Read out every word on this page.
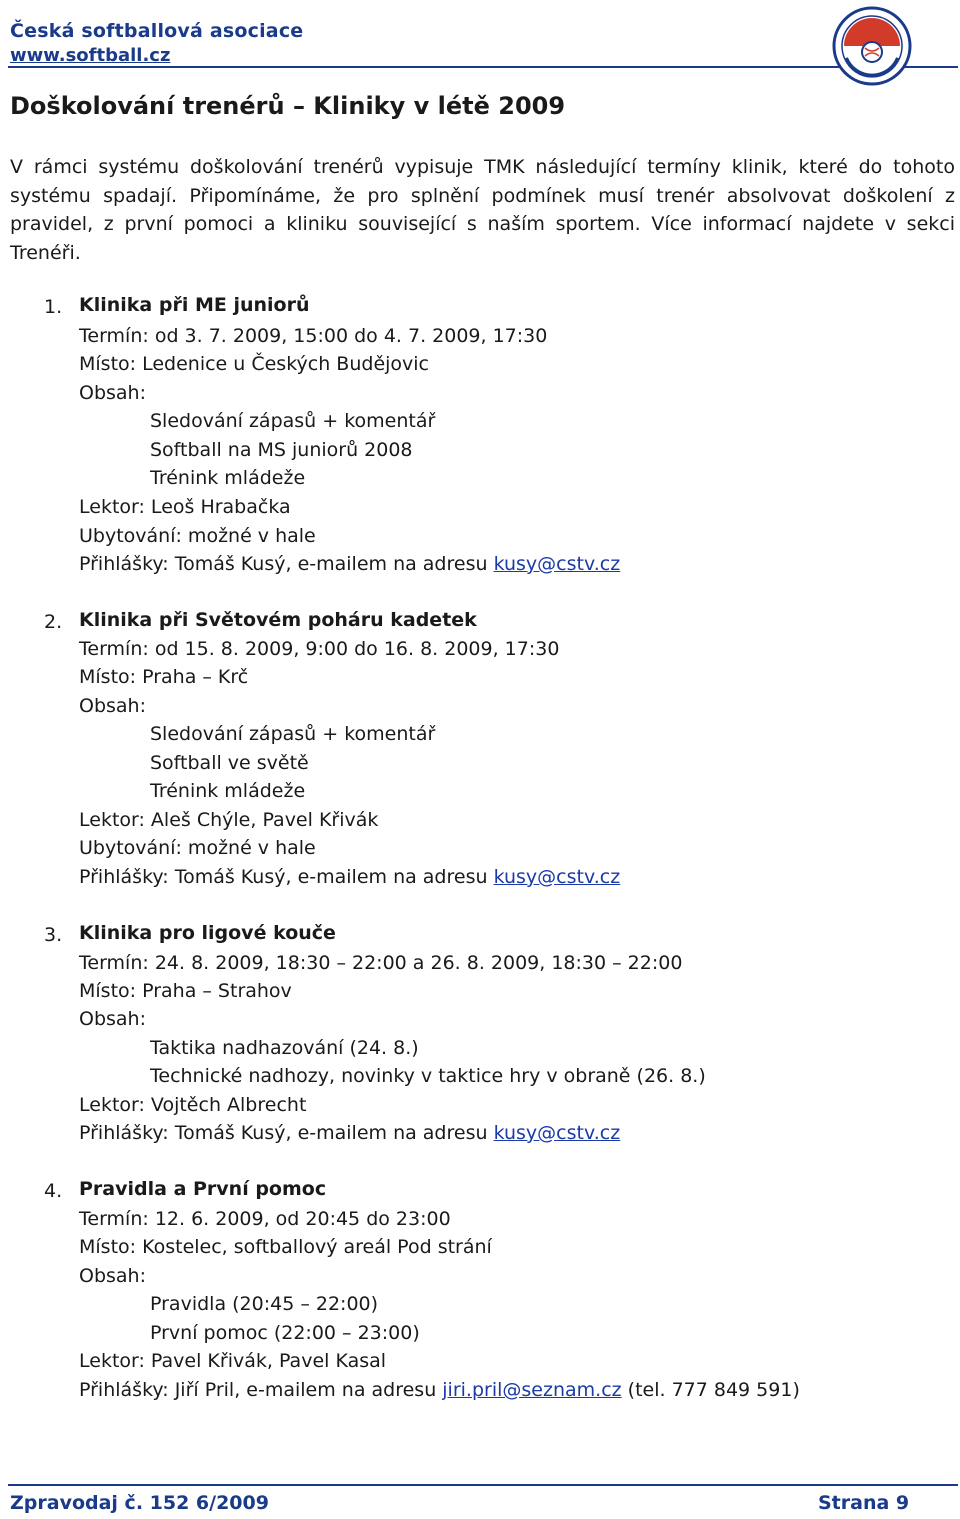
Česká softballová asociace
www.softball.cz
Doškolování trenérů – Kliniky v létě 2009
V rámci systému doškolování trenérů vypisuje TMK následující termíny klinik, které do tohoto systému spadají. Připomínáme, že pro splnění podmínek musí trenér absolvovat doškolení z pravidel, z první pomoci a kliniku související s naším sportem. Více informací najdete v sekci Trenéři.
1. Klinika při ME juniorů
Termín: od 3. 7. 2009, 15:00 do 4. 7. 2009, 17:30
Místo: Ledenice u Českých Budějovic
Obsah:
Sledování zápasů + komentář
Softball na MS juniorů 2008
Trénink mládeže
Lektor: Leoš Hrabačka
Ubytování: možné v hale
Přihlášky: Tomáš Kusý, e-mailem na adresu kusy@cstv.cz
2. Klinika při Světovém poháru kadetek
Termín: od 15. 8. 2009, 9:00 do 16. 8. 2009, 17:30
Místo: Praha – Krč
Obsah:
Sledování zápasů + komentář
Softball ve světě
Trénink mládeže
Lektor: Aleš Chýle, Pavel Křivák
Ubytování: možné v hale
Přihlášky: Tomáš Kusý, e-mailem na adresu kusy@cstv.cz
3. Klinika pro ligové kouče
Termín: 24. 8. 2009, 18:30 – 22:00 a 26. 8. 2009, 18:30 – 22:00
Místo: Praha – Strahov
Obsah:
Taktika nadhazování (24. 8.)
Technické nadhozy, novinky v taktice hry v obraně (26. 8.)
Lektor: Vojtěch Albrecht
Přihlášky: Tomáš Kusý, e-mailem na adresu kusy@cstv.cz
4. Pravidla a První pomoc
Termín: 12. 6. 2009, od 20:45 do 23:00
Místo: Kostelec, softballový areál Pod strání
Obsah:
Pravidla (20:45 – 22:00)
První pomoc (22:00 – 23:00)
Lektor: Pavel Křivák, Pavel Kasal
Přihlášky: Jiří Pril, e-mailem na adresu jiri.pril@seznam.cz (tel. 777 849 591)
Zpravodaj č. 152 6/2009	Strana 9
